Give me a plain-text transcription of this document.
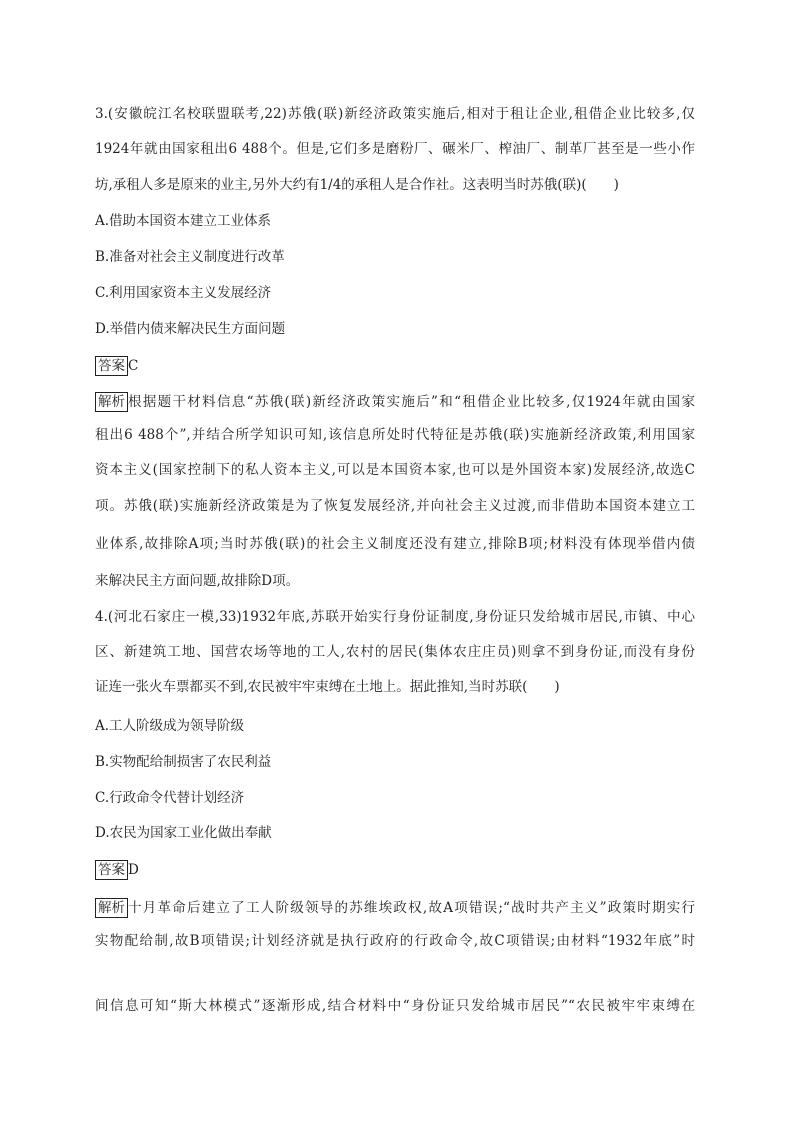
3.(安徽皖江名校联盟联考,22)苏俄(联)新经济政策实施后,相对于租让企业,租借企业比较多,仅
1924年就由国家租出6 488个。但是,它们多是磨粉厂、碾米厂、榨油厂、制革厂甚至是一些小作
坊,承租人多是原来的业主,另外大约有1/4的承租人是合作社。这表明当时苏俄(联)(　　)
A.借助本国资本建立工业体系
B.准备对社会主义制度进行改革
C.利用国家资本主义发展经济
D.举借内债来解决民生方面问题
答案 C
解析 根据题干材料信息“苏俄(联)新经济政策实施后”和“租借企业比较多,仅1924年就由国家
租出6 488个”,并结合所学知识可知,该信息所处时代特征是苏俄(联)实施新经济政策,利用国家
资本主义(国家控制下的私人资本主义,可以是本国资本家,也可以是外国资本家)发展经济,故选C
项。苏俄(联)实施新经济政策是为了恢复发展经济,并向社会主义过渡,而非借助本国资本建立工
业体系,故排除A项;当时苏俄(联)的社会主义制度还没有建立,排除B项;材料没有体现举借内债
来解决民主方面问题,故排除D项。
4.(河北石家庄一模,33)1932年底,苏联开始实行身份证制度,身份证只发给城市居民,市镇、中心
区、新建筑工地、国营农场等地的工人,农村的居民(集体农庄庄员)则拿不到身份证,而没有身份
证连一张火车票都买不到,农民被牢牢束缚在土地上。据此推知,当时苏联(　　)
A.工人阶级成为领导阶级
B.实物配给制损害了农民利益
C.行政命令代替计划经济
D.农民为国家工业化做出奉献
答案 D
解析 十月革命后建立了工人阶级领导的苏维埃政权,故A项错误;“战时共产主义”政策时期实行
实物配给制,故B项错误;计划经济就是执行政府的行政命令,故C项错误;由材料“1932年底”时
间信息可知“斯大林模式”逐渐形成,结合材料中“身份证只发给城市居民”“农民被牢牢束缚在
